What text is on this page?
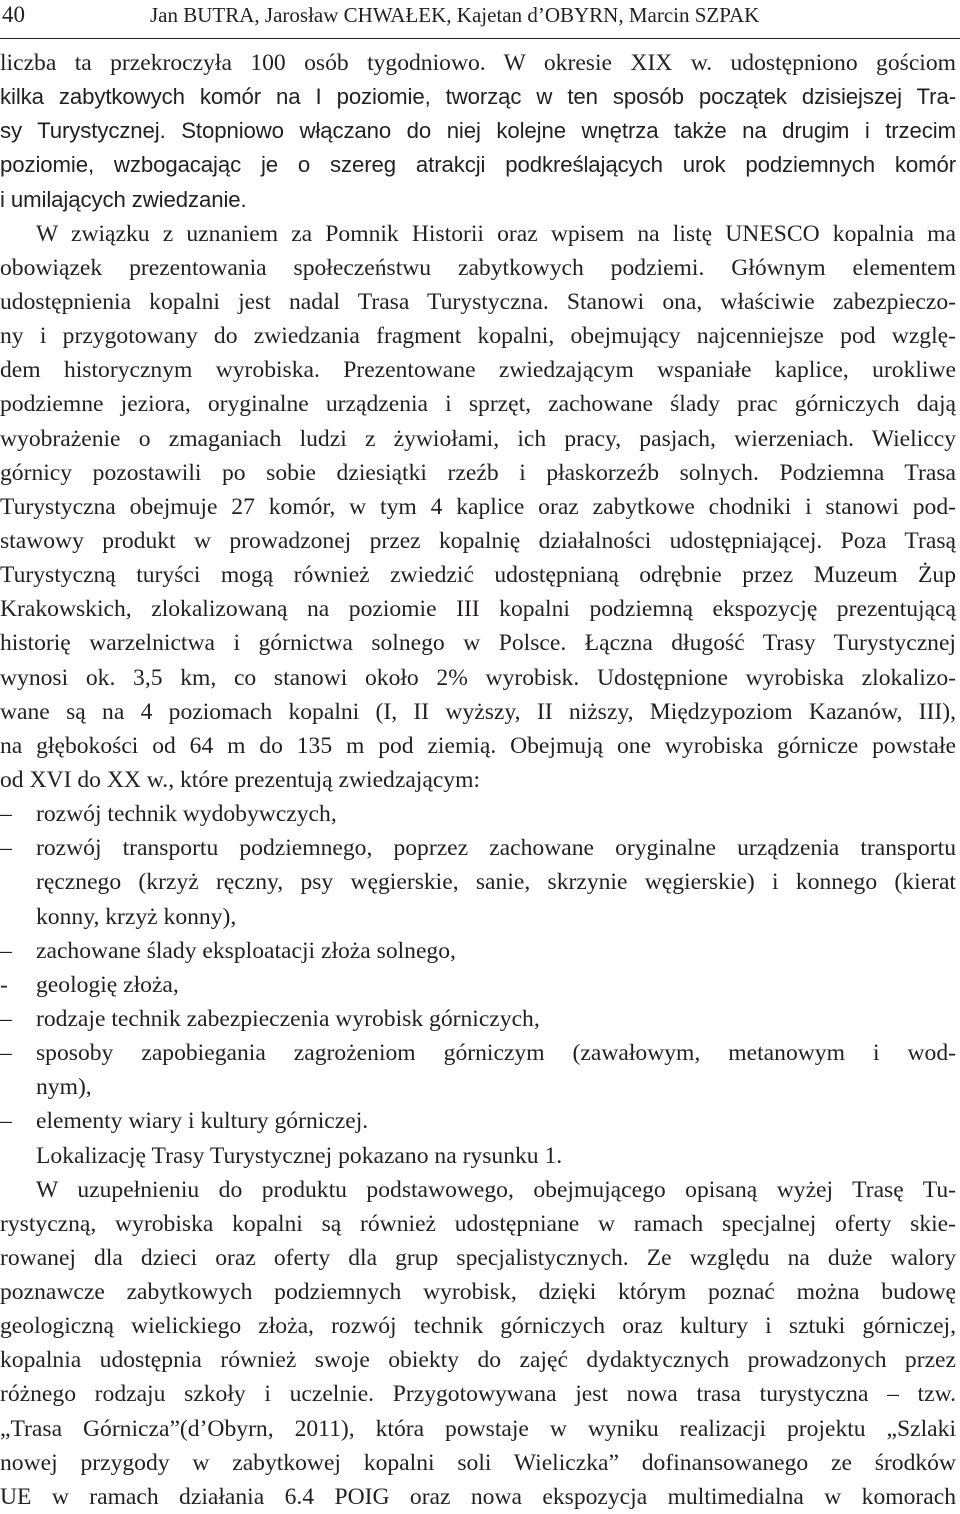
40	Jan BUTRA, Jarosław CHWAŁEK, Kajetan d’OBYRN, Marcin SZPAK
liczba ta przekroczyła 100 osób tygodniowo. W okresie XIX w. udostępniono gościom
kilka zabytkowych komór na I poziomie, tworząc w ten sposób początek dzisiejszej Tra-
sy Turystycznej. Stopniowo włączano do niej kolejne wnętrza także na drugim i trzecim
poziomie, wzbogacając je o szereg atrakcji podkreślających urok podziemnych komór
i umilających zwiedzanie.
W związku z uznaniem za Pomnik Historii oraz wpisem na listę UNESCO kopalnia ma
obowiązek prezentowania społeczeństwu zabytkowych podziemi. Głównym elementem
udostępnienia kopalni jest nadal Trasa Turystyczna. Stanowi ona, właściwie zabezpieczo-
ny i przygotowany do zwiedzania fragment kopalni, obejmujący najcenniejsze pod wzglę-
dem historycznym wyrobiska. Prezentowane zwiedzającym wspaniałe kaplice, urokliwe
podziemne jeziora, oryginalne urządzenia i sprzęt, zachowane ślady prac górniczych dają
wyobrażenie o zmaganiach ludzi z żywiołami, ich pracy, pasjach, wierzeniach. Wieliccy
górnicy pozostawili po sobie dziesiątki rzeźb i płaskorzeźb solnych. Podziemna Trasa
Turystyczna obejmuje 27 komór, w tym 4 kaplice oraz zabytkowe chodniki i stanowi pod-
stawowy produkt w prowadzonej przez kopalnię działalności udostępniającej. Poza Trasą
Turystyczną turyści mogą również zwiedzić udostępnianą odrębnie przez Muzeum Żup
Krakowskich, zlokalizowaną na poziomie III kopalni podziemną ekspozycję prezentującą
historię warzelnictwa i górnictwa solnego w Polsce. Łączna długość Trasy Turystycznej
wynosi ok. 3,5 km, co stanowi około 2% wyrobisk. Udostępnione wyrobiska zlokalizo-
wane są na 4 poziomach kopalni (I, II wyższy, II niższy, Międzypoziom Kazanów, III),
na głębokości od 64 m do 135 m pod ziemią. Obejmują one wyrobiska górnicze powstałe
od XVI do XX w., które prezentują zwiedzającym:
– rozwój technik wydobywczych,
– rozwój transportu podziemnego, poprzez zachowane oryginalne urządzenia transportu
ręcznego (krzyż ręczny, psy węgierskie, sanie, skrzynie węgierskie) i konnego (kierat
konny, krzyż konny),
– zachowane ślady eksploatacji złoża solnego,
- geologię złoża,
– rodzaje technik zabezpieczenia wyrobisk górniczych,
– sposoby zapobiegania zagrożeniom górniczym (zawałowym, metanowym i wod-
nym),
– elementy wiary i kultury górniczej.
Lokalizację Trasy Turystycznej pokazano na rysunku 1.
W uzupełnieniu do produktu podstawowego, obejmującego opisaną wyżej Trasę Tu-
rystyczną, wyrobiska kopalni są również udostępniane w ramach specjalnej oferty skie-
rowanej dla dzieci oraz oferty dla grup specjalistycznych. Ze względu na duże walory
poznawcze zabytkowych podziemnych wyrobisk, dzięki którym poznać można budowę
geologiczną wielickiego złoża, rozwój technik górniczych oraz kultury i sztuki górniczej,
kopalnia udostępnia również swoje obiekty do zajęć dydaktycznych prowadzonych przez
różnego rodzaju szkoły i uczelnie. Przygotowywana jest nowa trasa turystyczna – tzw.
„Trasa Górnicza”(d’Obyrn, 2011), która powstaje w wyniku realizacji projektu „Szlaki
nowej przygody w zabytkowej kopalni soli Wieliczka” dofinansowanego ze środków
UE w ramach działania 6.4 POIG oraz nowa ekspozycja multimedialna w komorach
